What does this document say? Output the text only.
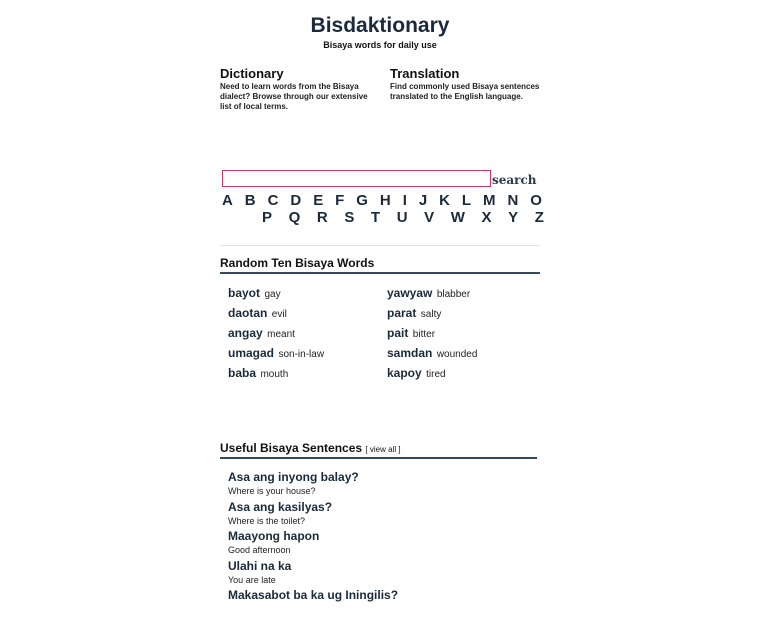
Bisdaktionary
Bisaya words for daily use
Dictionary

Need to learn words from the Bisaya dialect? Browse through our extensive list of local terms.

Translation

Find commonly used Bisaya sentences translated to the English language.

search
A B C D E F G H I J K L M N O
P Q R S T U V W X Y Z
Random Ten Bisaya Words
bayot gay
daotan evil
angay meant
umagad son-in-law
baba mouth
yawyaw blabber
parat salty
pait bitter
samdan wounded
kapoy tired
Useful Bisaya Sentences [ view all ]
Asa ang inyong balay?
Where is your house?
Asa ang kasilyas?
Where is the toilet?
Maayong hapon
Good afternoon
Ulahi na ka
You are late
Makasabot ba ka ug Iningilis?
